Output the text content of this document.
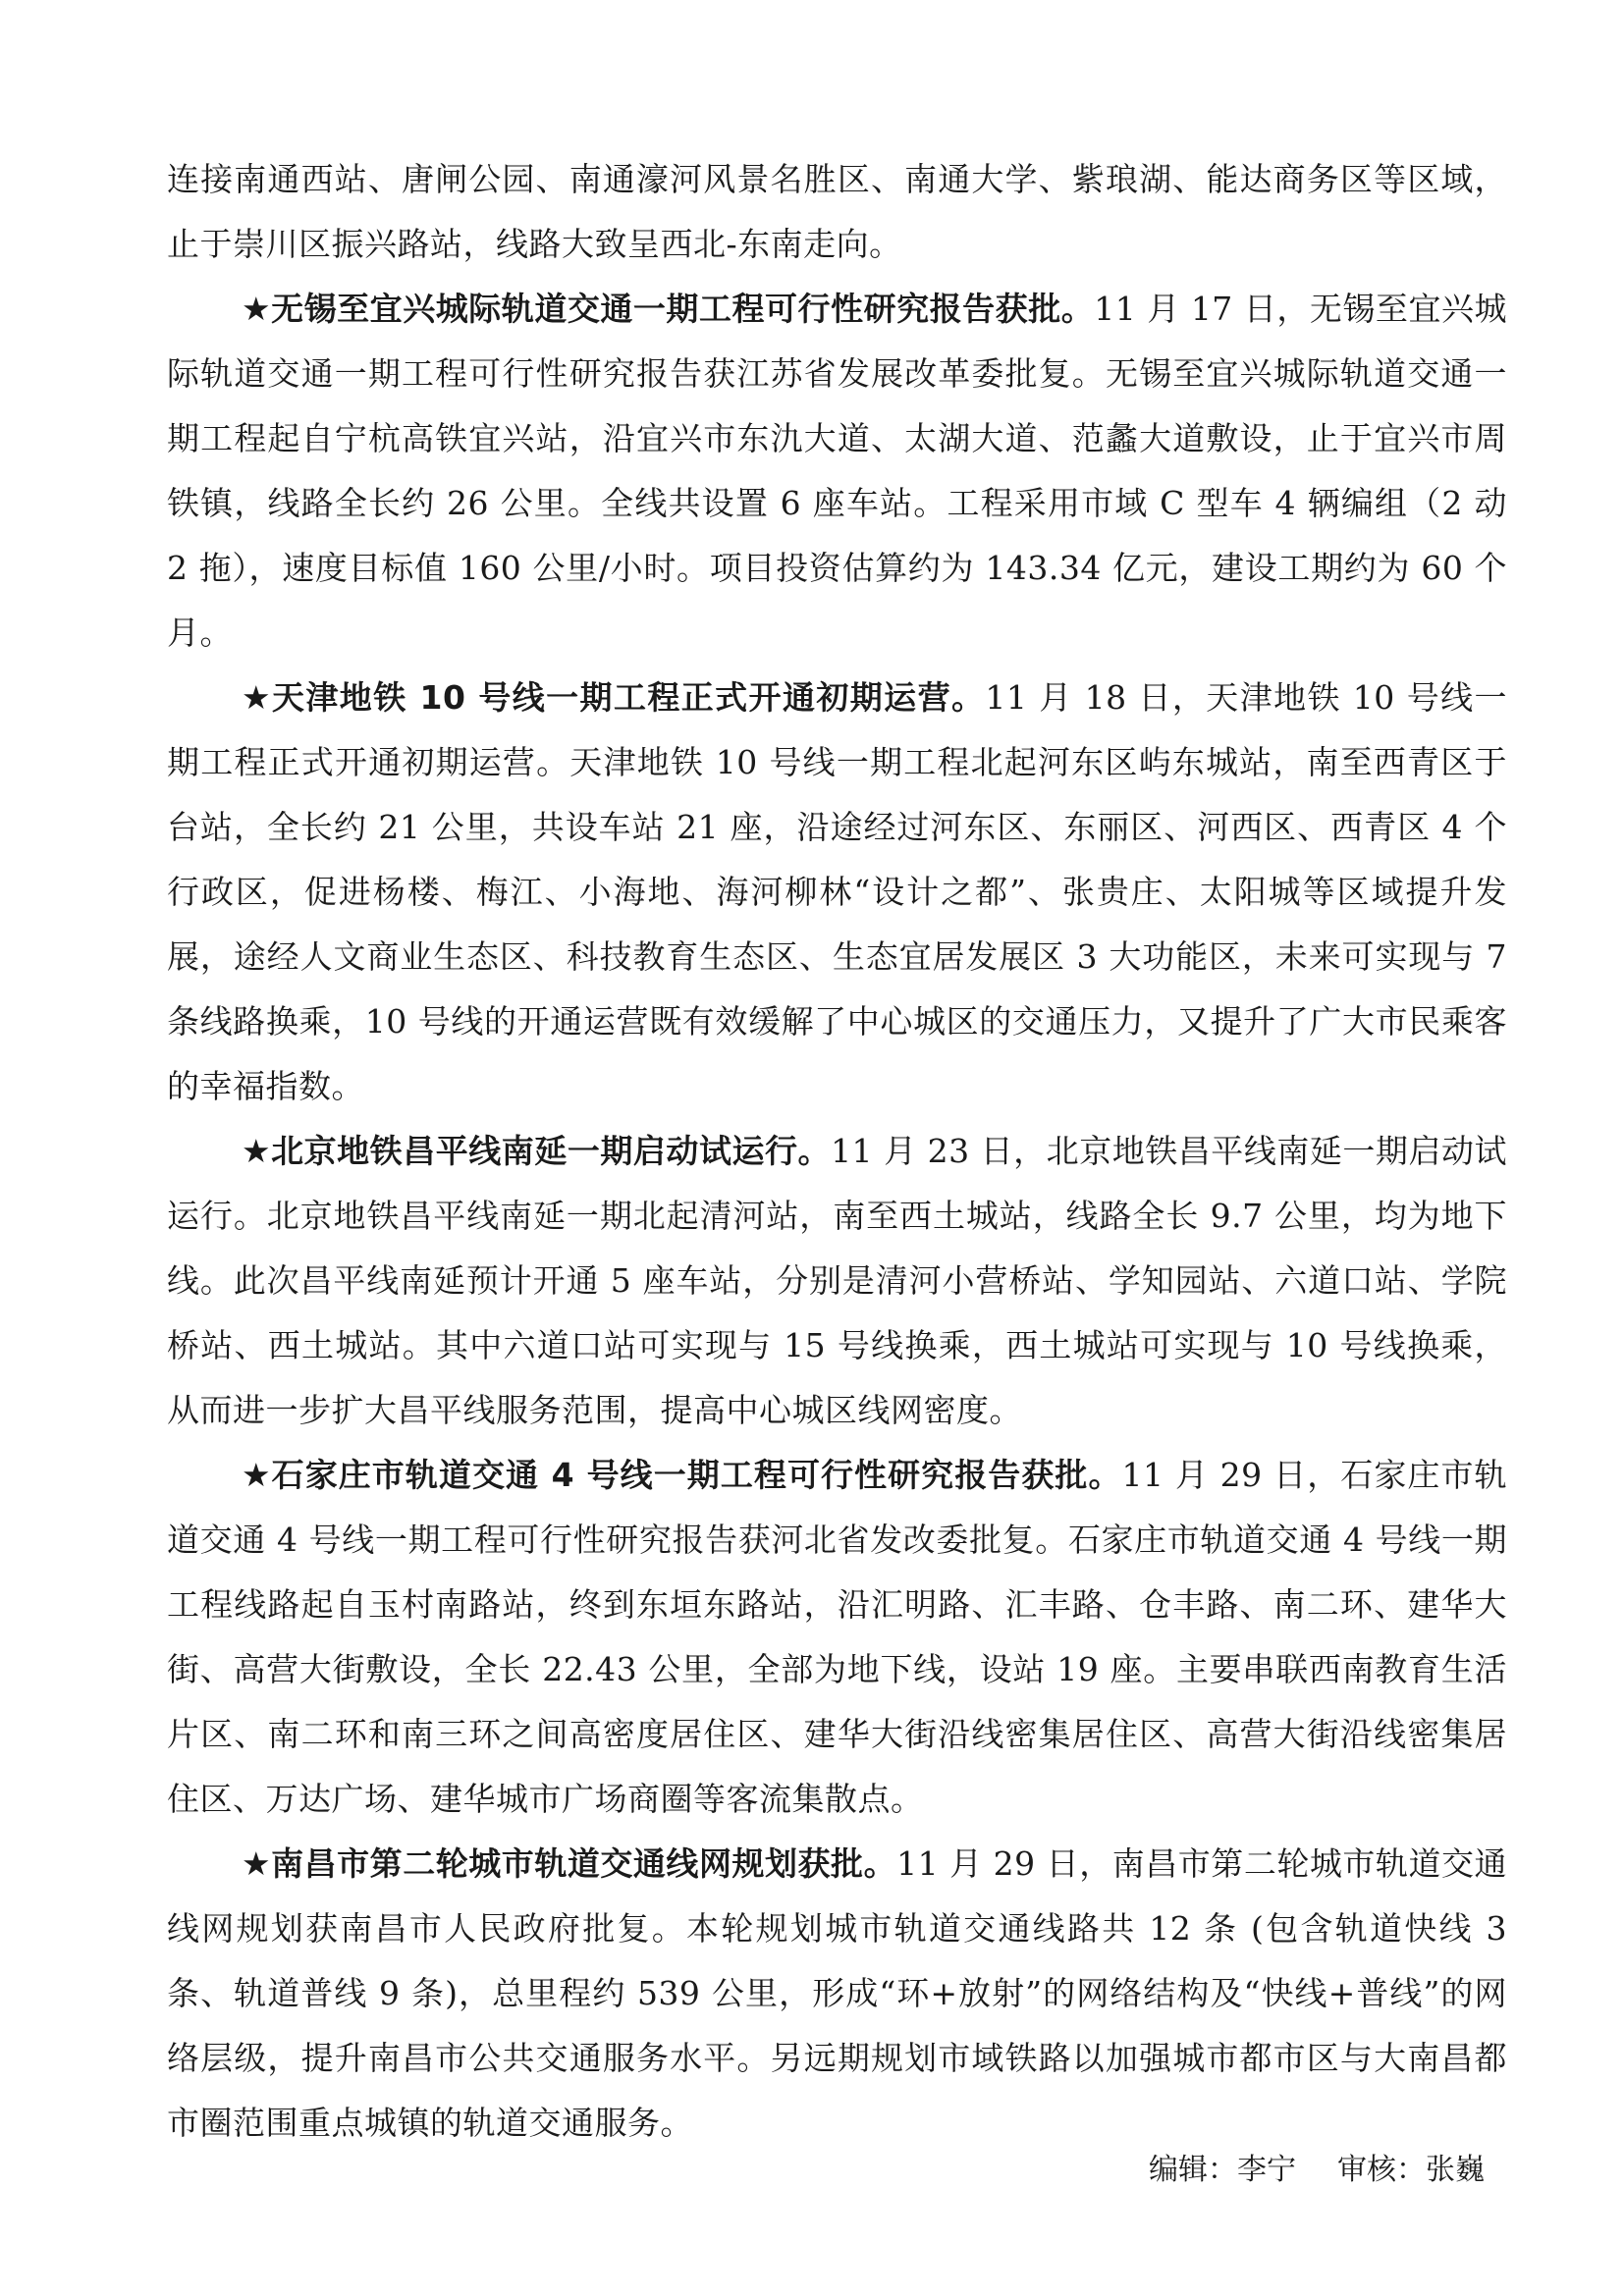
连接南通西站、唐闸公园、南通濠河风景名胜区、南通大学、紫琅湖、能达商务区等区域，止于崇川区振兴路站，线路大致呈西北-东南走向。

★无锡至宜兴城际轨道交通一期工程可行性研究报告获批。11 月 17 日，无锡至宜兴城际轨道交通一期工程可行性研究报告获江苏省发展改革委批复。无锡至宜兴城际轨道交通一期工程起自宁杭高铁宜兴站，沿宜兴市东氿大道、太湖大道、范蠡大道敷设，止于宜兴市周铁镇，线路全长约 26 公里。全线共设置 6 座车站。工程采用市域 C 型车 4 辆编组（2 动 2 拖），速度目标值 160 公里/小时。项目投资估算约为 143.34 亿元，建设工期约为 60 个月。

★天津地铁 10 号线一期工程正式开通初期运营。11 月 18 日，天津地铁 10 号线一期工程正式开通初期运营。天津地铁 10 号线一期工程北起河东区屿东城站，南至西青区于台站，全长约 21 公里，共设车站 21 座，沿途经过河东区、东丽区、河西区、西青区 4 个行政区，促进杨楼、梅江、小海地、海河柳林“设计之都”、张贵庄、太阳城等区域提升发展，途经人文商业生态区、科技教育生态区、生态宜居发展区 3 大功能区，未来可实现与 7 条线路换乘，10 号线的开通运营既有效缓解了中心城区的交通压力，又提升了广大市民乘客的幸福指数。

★北京地铁昌平线南延一期启动试运行。11 月 23 日，北京地铁昌平线南延一期启动试运行。北京地铁昌平线南延一期北起清河站，南至西土城站，线路全长 9.7 公里，均为地下线。此次昌平线南延预计开通 5 座车站，分别是清河小营桥站、学知园站、六道口站、学院桥站、西土城站。其中六道口站可实现与 15 号线换乘，西土城站可实现与 10 号线换乘，从而进一步扩大昌平线服务范围，提高中心城区线网密度。

★石家庄市轨道交通 4 号线一期工程可行性研究报告获批。11 月 29 日，石家庄市轨道交通 4 号线一期工程可行性研究报告获河北省发改委批复。石家庄市轨道交通 4 号线一期工程线路起自玉村南路站，终到东垣东路站，沿汇明路、汇丰路、仓丰路、南二环、建华大街、高营大街敷设，全长 22.43 公里，全部为地下线，设站 19 座。主要串联西南教育生活片区、南二环和南三环之间高密度居住区、建华大街沿线密集居住区、高营大街沿线密集居住区、万达广场、建华城市广场商圈等客流集散点。

★南昌市第二轮城市轨道交通线网规划获批。11 月 29 日，南昌市第二轮城市轨道交通线网规划获南昌市人民政府批复。本轮规划城市轨道交通线路共 12 条 (包含轨道快线 3 条、轨道普线 9 条)，总里程约 539 公里，形成“环+放射”的网络结构及“快线+普线”的网络层级，提升南昌市公共交通服务水平。另远期规划市域铁路以加强城市都市区与大南昌都市圈范围重点城镇的轨道交通服务。

编辑：李宁 审核：张巍
